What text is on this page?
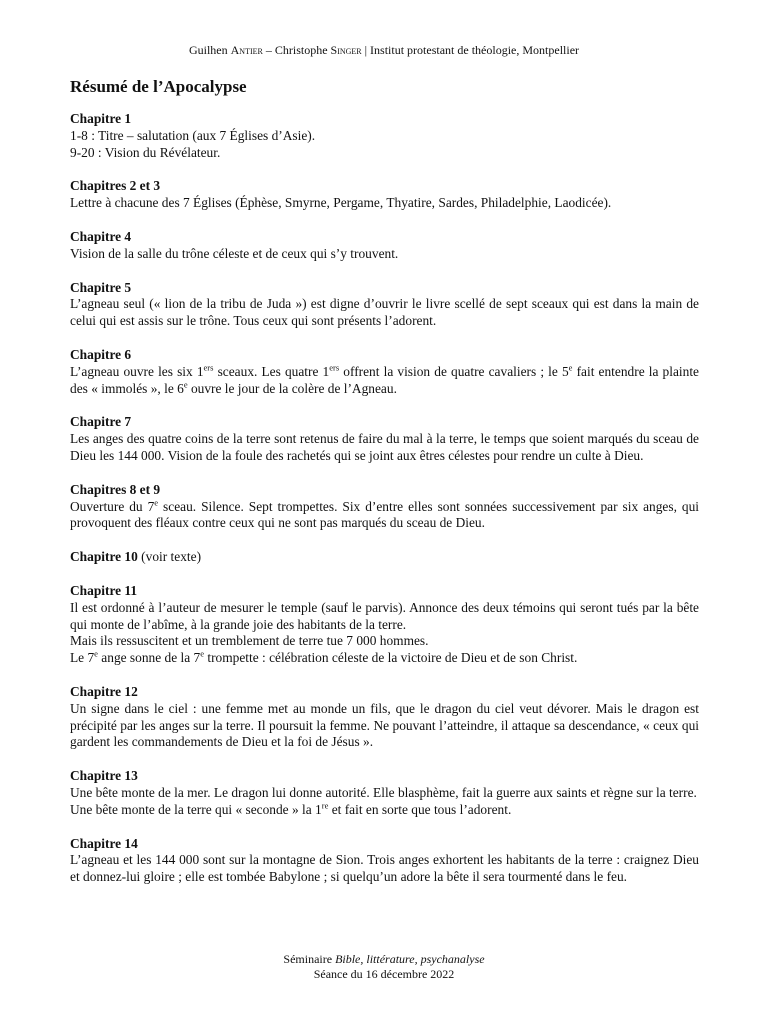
Guilhen Antier – Christophe Singer | Institut protestant de théologie, Montpellier
Résumé de l’Apocalypse
Chapitre 1

1-8 : Titre – salutation (aux 7 Églises d’Asie).

9-20 : Vision du Révélateur.

Chapitres 2 et 3

Lettre à chacune des 7 Églises (Éphèse, Smyrne, Pergame, Thyatire, Sardes, Philadelphie, Laodicée).

Chapitre 4

Vision de la salle du trône céleste et de ceux qui s’y trouvent.

Chapitre 5

L’agneau seul (« lion de la tribu de Juda ») est digne d’ouvrir le livre scellé de sept sceaux qui est dans la main de celui qui est assis sur le trône. Tous ceux qui sont présents l’adorent.

Chapitre 6

L’agneau ouvre les six 1ers sceaux. Les quatre 1ers offrent la vision de quatre cavaliers ; le 5e fait entendre la plainte des « immolés », le 6e ouvre le jour de la colère de l’Agneau.

Chapitre 7

Les anges des quatre coins de la terre sont retenus de faire du mal à la terre, le temps que soient marqués du sceau de Dieu les 144 000. Vision de la foule des rachetés qui se joint aux êtres célestes pour rendre un culte à Dieu.

Chapitres 8 et 9

Ouverture du 7e sceau. Silence. Sept trompettes. Six d’entre elles sont sonnées successivement par six anges, qui provoquent des fléaux contre ceux qui ne sont pas marqués du sceau de Dieu.

Chapitre 10 (voir texte)

Chapitre 11

Il est ordonné à l’auteur de mesurer le temple (sauf le parvis). Annonce des deux témoins qui seront tués par la bête qui monte de l’abîme, à la grande joie des habitants de la terre.

Mais ils ressuscitent et un tremblement de terre tue 7 000 hommes.

Le 7e ange sonne de la 7e trompette : célébration céleste de la victoire de Dieu et de son Christ.

Chapitre 12

Un signe dans le ciel : une femme met au monde un fils, que le dragon du ciel veut dévorer. Mais le dragon est précipité par les anges sur la terre. Il poursuit la femme. Ne pouvant l’atteindre, il attaque sa descendance, « ceux qui gardent les commandements de Dieu et la foi de Jésus ».

Chapitre 13

Une bête monte de la mer. Le dragon lui donne autorité. Elle blasphème, fait la guerre aux saints et règne sur la terre.

Une bête monte de la terre qui « seconde » la 1re et fait en sorte que tous l’adorent.

Chapitre 14

L’agneau et les 144 000 sont sur la montagne de Sion. Trois anges exhortent les habitants de la terre : craignez Dieu et donnez-lui gloire ; elle est tombée Babylone ; si quelqu’un adore la bête il sera tourmenté dans le feu.

Séminaire Bible, littérature, psychanalyse
Séance du 16 décembre 2022
